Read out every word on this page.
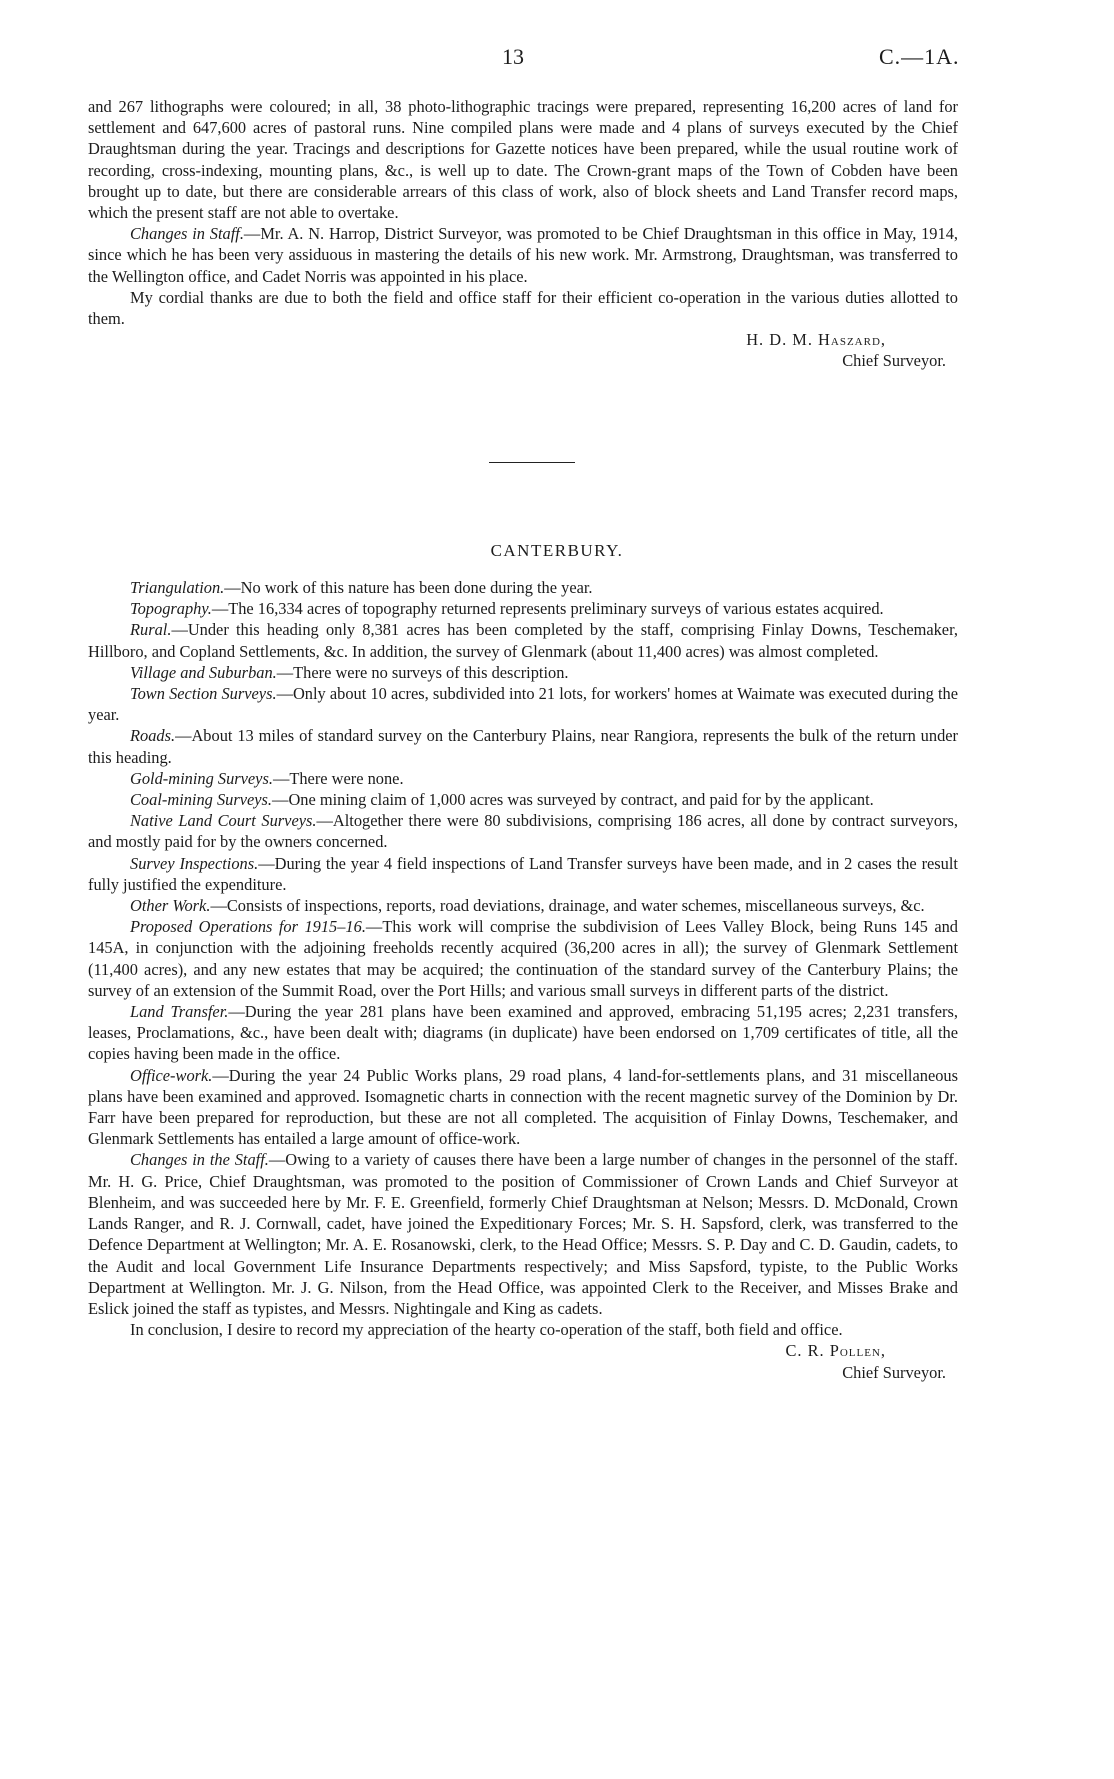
13	C.—1A.

and 267 lithographs were coloured; in all, 38 photo-lithographic tracings were prepared, representing 16,200 acres of land for settlement and 647,600 acres of pastoral runs. Nine compiled plans were made and 4 plans of surveys executed by the Chief Draughtsman during the year. Tracings and descriptions for Gazette notices have been prepared, while the usual routine work of recording, cross-indexing, mounting plans, &c., is well up to date. The Crown-grant maps of the Town of Cobden have been brought up to date, but there are considerable arrears of this class of work, also of block sheets and Land Transfer record maps, which the present staff are not able to overtake.

Changes in Staff.—Mr. A. N. Harrop, District Surveyor, was promoted to be Chief Draughtsman in this office in May, 1914, since which he has been very assiduous in mastering the details of his new work. Mr. Armstrong, Draughtsman, was transferred to the Wellington office, and Cadet Norris was appointed in his place.

My cordial thanks are due to both the field and office staff for their efficient co-operation in the various duties allotted to them.

H. D. M. Haszard,
Chief Surveyor.
CANTERBURY.

Triangulation.—No work of this nature has been done during the year.

Topography.—The 16,334 acres of topography returned represents preliminary surveys of various estates acquired.

Rural.—Under this heading only 8,381 acres has been completed by the staff, comprising Finlay Downs, Teschemaker, Hillboro, and Copland Settlements, &c. In addition, the survey of Glenmark (about 11,400 acres) was almost completed.

Village and Suburban.—There were no surveys of this description.

Town Section Surveys.—Only about 10 acres, subdivided into 21 lots, for workers' homes at Waimate was executed during the year.

Roads.—About 13 miles of standard survey on the Canterbury Plains, near Rangiora, represents the bulk of the return under this heading.

Gold-mining Surveys.—There were none.

Coal-mining Surveys.—One mining claim of 1,000 acres was surveyed by contract, and paid for by the applicant.

Native Land Court Surveys.—Altogether there were 80 subdivisions, comprising 186 acres, all done by contract surveyors, and mostly paid for by the owners concerned.

Survey Inspections.—During the year 4 field inspections of Land Transfer surveys have been made, and in 2 cases the result fully justified the expenditure.

Other Work.—Consists of inspections, reports, road deviations, drainage, and water schemes, miscellaneous surveys, &c.

Proposed Operations for 1915–16.—This work will comprise the subdivision of Lees Valley Block, being Runs 145 and 145A, in conjunction with the adjoining freeholds recently acquired (36,200 acres in all); the survey of Glenmark Settlement (11,400 acres), and any new estates that may be acquired; the continuation of the standard survey of the Canterbury Plains; the survey of an extension of the Summit Road, over the Port Hills; and various small surveys in different parts of the district.

Land Transfer.—During the year 281 plans have been examined and approved, embracing 51,195 acres; 2,231 transfers, leases, Proclamations, &c., have been dealt with; diagrams (in duplicate) have been endorsed on 1,709 certificates of title, all the copies having been made in the office.

Office-work.—During the year 24 Public Works plans, 29 road plans, 4 land-for-settlements plans, and 31 miscellaneous plans have been examined and approved. Isomagnetic charts in connection with the recent magnetic survey of the Dominion by Dr. Farr have been prepared for reproduction, but these are not all completed. The acquisition of Finlay Downs, Teschemaker, and Glenmark Settlements has entailed a large amount of office-work.

Changes in the Staff.—Owing to a variety of causes there have been a large number of changes in the personnel of the staff. Mr. H. G. Price, Chief Draughtsman, was promoted to the position of Commissioner of Crown Lands and Chief Surveyor at Blenheim, and was succeeded here by Mr. F. E. Greenfield, formerly Chief Draughtsman at Nelson; Messrs. D. McDonald, Crown Lands Ranger, and R. J. Cornwall, cadet, have joined the Expeditionary Forces; Mr. S. H. Sapsford, clerk, was transferred to the Defence Department at Wellington; Mr. A. E. Rosanowski, clerk, to the Head Office; Messrs. S. P. Day and C. D. Gaudin, cadets, to the Audit and local Government Life Insurance Departments respectively; and Miss Sapsford, typiste, to the Public Works Department at Wellington. Mr. J. G. Nilson, from the Head Office, was appointed Clerk to the Receiver, and Misses Brake and Eslick joined the staff as typistes, and Messrs. Nightingale and King as cadets.

In conclusion, I desire to record my appreciation of the hearty co-operation of the staff, both field and office.

C. R. Pollen,
Chief Surveyor.
